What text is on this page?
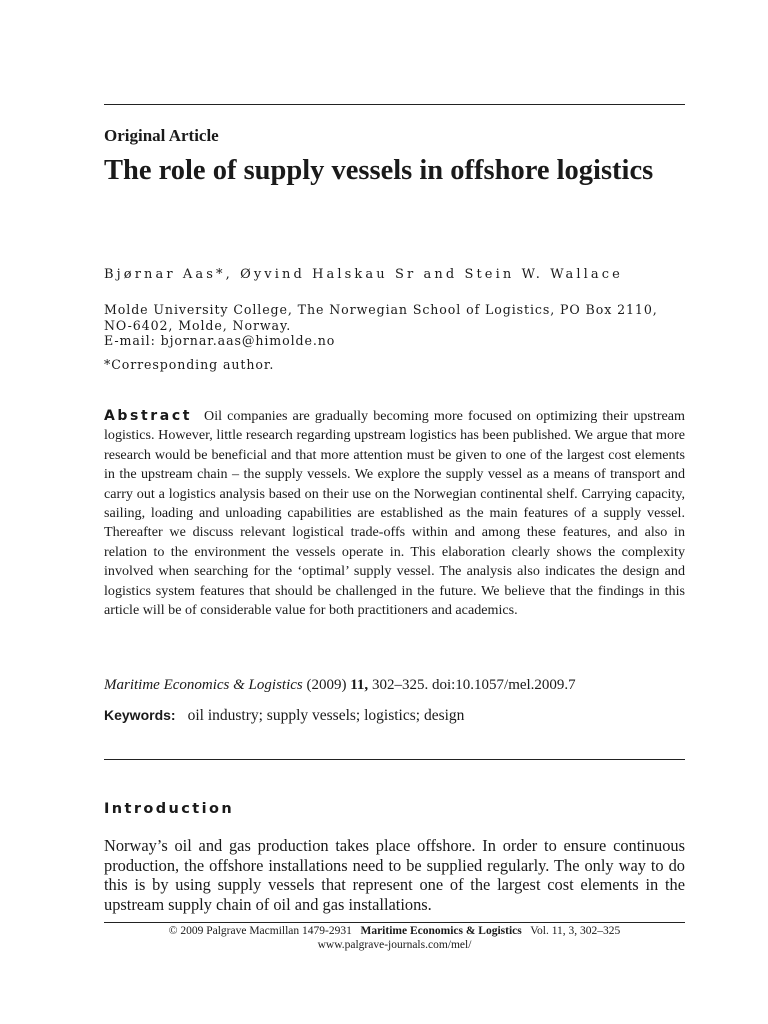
Original Article
The role of supply vessels in offshore logistics
Bjørnar Aas*, Øyvind Halskau Sr and Stein W. Wallace
Molde University College, The Norwegian School of Logistics, PO Box 2110,
NO-6402, Molde, Norway.
E-mail: bjornar.aas@himolde.no
*Corresponding author.
Abstract Oil companies are gradually becoming more focused on optimizing their upstream logistics. However, little research regarding upstream logistics has been published. We argue that more research would be beneficial and that more attention must be given to one of the largest cost elements in the upstream chain – the supply vessels. We explore the supply vessel as a means of transport and carry out a logistics analysis based on their use on the Norwegian continental shelf. Carrying capacity, sailing, loading and unloading capabilities are established as the main features of a supply vessel. Thereafter we discuss relevant logistical trade-offs within and among these features, and also in relation to the environment the vessels operate in. This elaboration clearly shows the complexity involved when searching for the ‘optimal’ supply vessel. The analysis also indicates the design and logistics system features that should be challenged in the future. We believe that the findings in this article will be of considerable value for both practitioners and academics.
Maritime Economics & Logistics (2009) 11, 302–325. doi:10.1057/mel.2009.7
Keywords: oil industry; supply vessels; logistics; design
Introduction

Norway’s oil and gas production takes place offshore. In order to ensure continuous production, the offshore installations need to be supplied regularly. The only way to do this is by using supply vessels that represent one of the largest cost elements in the upstream supply chain of oil and gas installations.

© 2009 Palgrave Macmillan 1479-2931 Maritime Economics & Logistics Vol. 11, 3, 302–325
www.palgrave-journals.com/mel/
